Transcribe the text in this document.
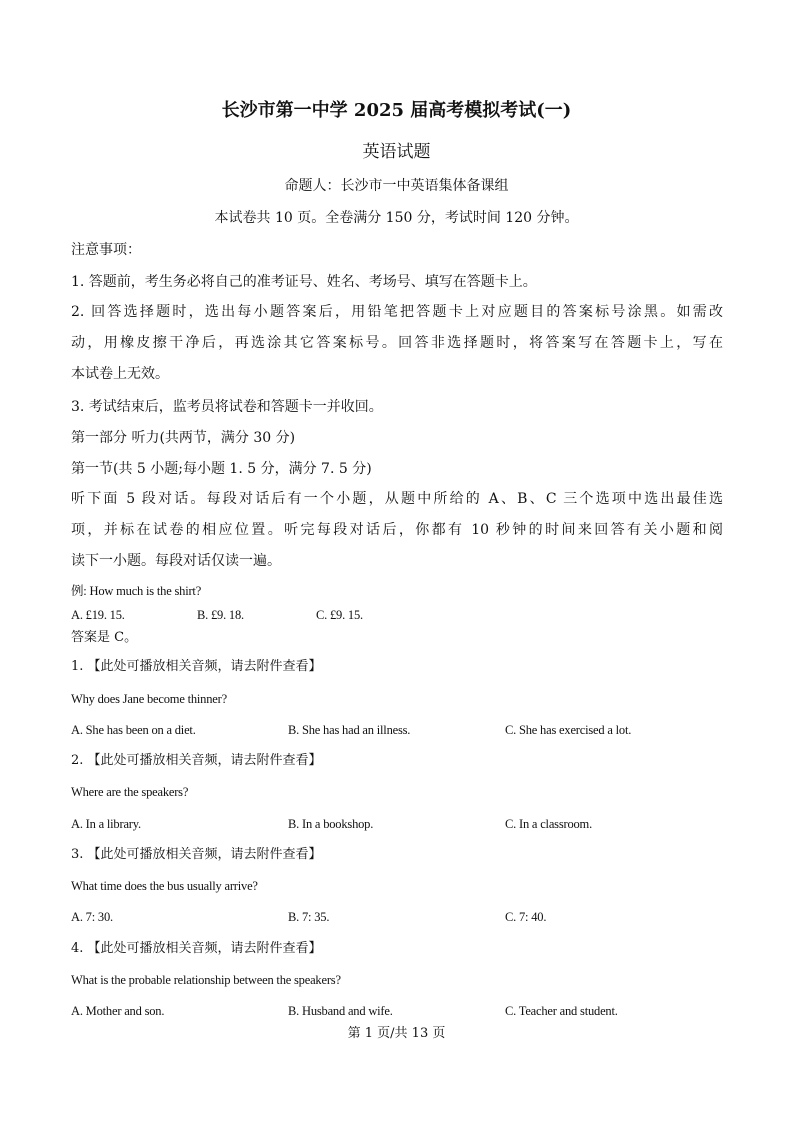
长沙市第一中学 2025 届高考模拟考试(一)
英语试题
命题人：长沙市一中英语集体备课组
本试卷共 10 页。全卷满分 150 分，考试时间 120 分钟。
注意事项：
1. 答题前，考生务必将自己的准考证号、姓名、考场号、填写在答题卡上。
2. 回答选择题时，选出每小题答案后，用铅笔把答题卡上对应题目的答案标号涂黑。如需改
动，用橡皮擦干净后，再选涂其它答案标号。回答非选择题时，将答案写在答题卡上，写在
本试卷上无效。
3. 考试结束后，监考员将试卷和答题卡一并收回。
第一部分 听力(共两节，满分 30 分)
第一节(共 5 小题;每小题 1. 5 分，满分 7. 5 分)
听下面 5 段对话。每段对话后有一个小题，从题中所给的 A、B、C 三个选项中选出最佳选
项，并标在试卷的相应位置。听完每段对话后，你都有 10 秒钟的时间来回答有关小题和阅
读下一小题。每段对话仅读一遍。
例: How much is the shirt?
A. £19. 15.	B. £9. 18.	C. £9. 15.
答案是 C。
1. 【此处可播放相关音频，请去附件查看】
Why does Jane become thinner?
A. She has been on a diet.	B. She has had an illness.	C. She has exercised a lot.
2. 【此处可播放相关音频，请去附件查看】
Where are the speakers?
A. In a library.	B. In a bookshop.	C. In a classroom.
3. 【此处可播放相关音频，请去附件查看】
What time does the bus usually arrive?
A. 7: 30.	B. 7: 35.	C. 7: 40.
4. 【此处可播放相关音频，请去附件查看】
What is the probable relationship between the speakers?
A. Mother and son.	B. Husband and wife.	C. Teacher and student.
第 1 页/共 13 页
